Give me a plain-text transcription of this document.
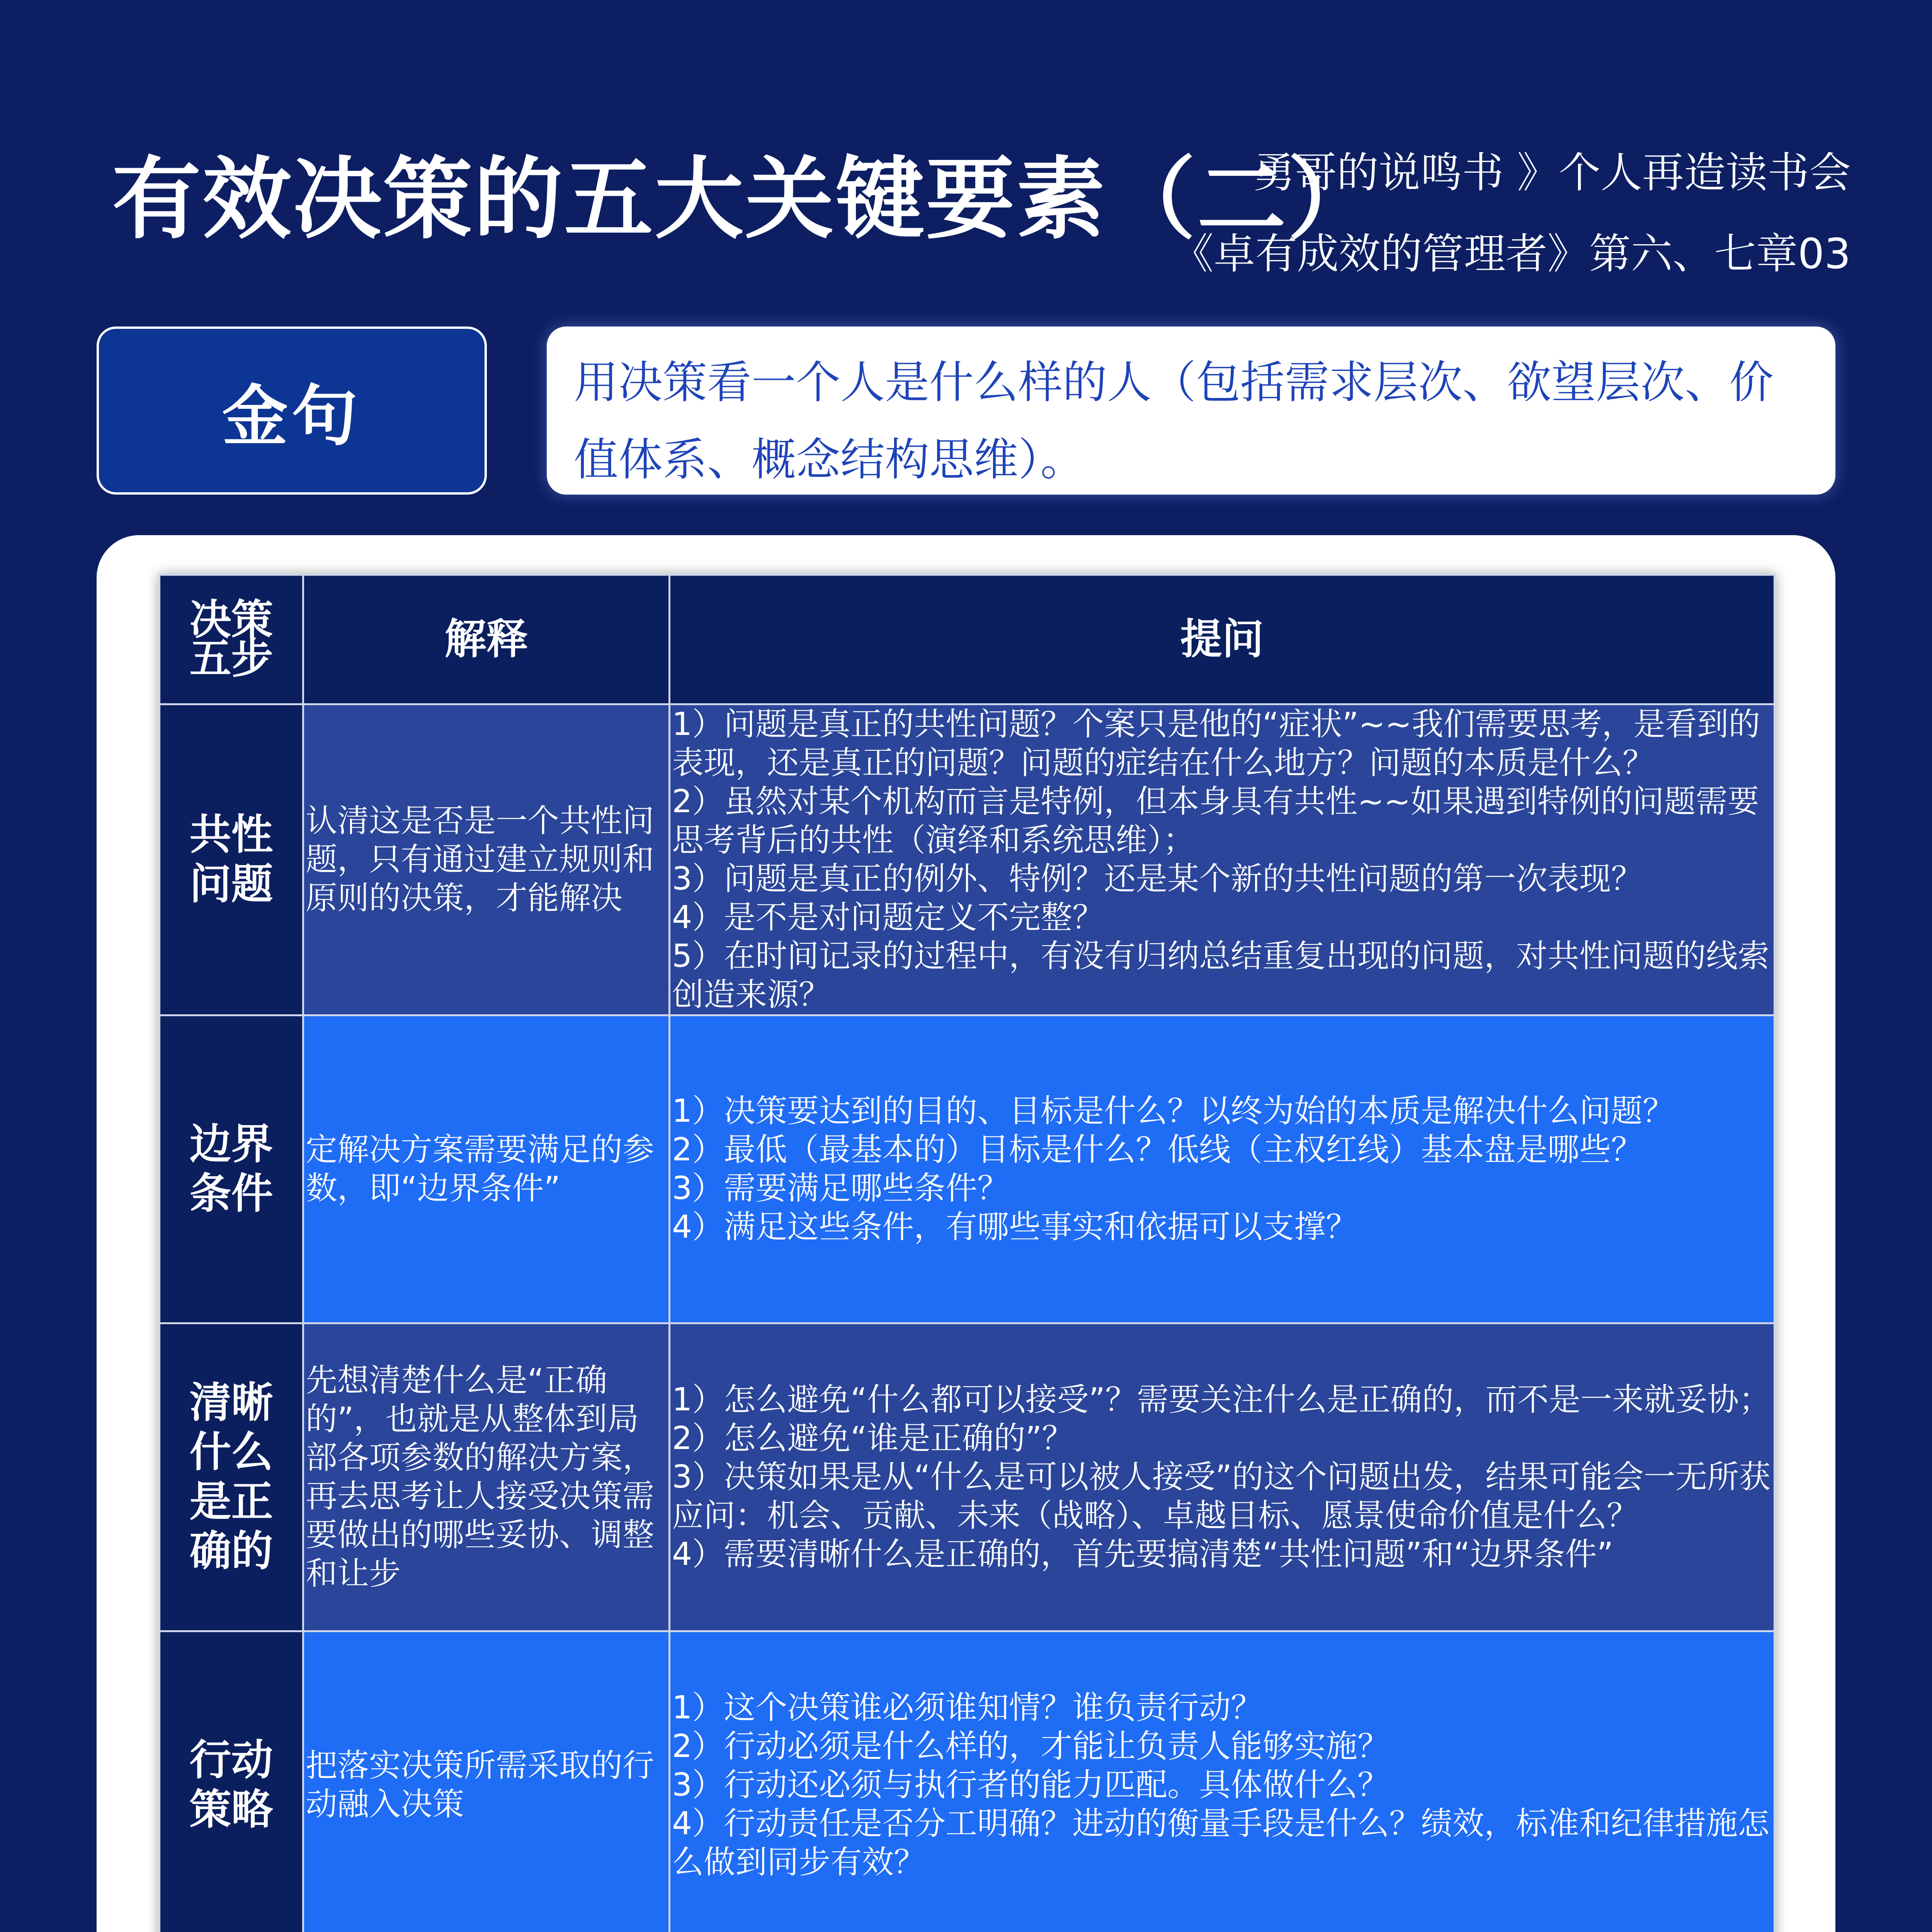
有效决策的五大关键要素（二）
勇哥的说鸣书 》个人再造读书会
《卓有成效的管理者》第六、七章03
金句	用决策看一个人是什么样的人（包括需求层次、欲望层次、价值体系、概念结构思维）。
决策五步	解释	提问
共性问题	认清这是否是一个共性问题，只有通过建立规则和原则的决策，才能解决	1）问题是真正的共性问题？个案只是他的“症状”~~我们需要思考，是看到的表现，还是真正的问题？问题的症结在什么地方？问题的本质是什么？
2）虽然对某个机构而言是特例，但本身具有共性~~如果遇到特例的问题需要思考背后的共性（演绎和系统思维）；
3）问题是真正的例外、特例？还是某个新的共性问题的第一次表现？
4）是不是对问题定义不完整？
5）在时间记录的过程中，有没有归纳总结重复出现的问题，对共性问题的线索创造来源？

边界条件	定解决方案需要满足的参数，即“边界条件”	1）决策要达到的目的、目标是什么？以终为始的本质是解决什么问题？
2）最低（最基本的）目标是什么？低线（主权红线）基本盘是哪些？
3）需要满足哪些条件？
4）满足这些条件，有哪些事实和依据可以支撑？

清晰什么是正确的	先想清楚什么是“正确的”，也就是从整体到局部各项参数的解决方案，再去思考让人接受决策需要做出的哪些妥协、调整和让步	1）怎么避免“什么都可以接受”？需要关注什么是正确的，而不是一来就妥协；
2）怎么避免“谁是正确的”？
3）决策如果是从“什么是可以被人接受”的这个问题出发，结果可能会一无所获应问：机会、贡献、未来（战略）、卓越目标、愿景使命价值是什么？
4）需要清晰什么是正确的，首先要搞清楚“共性问题”和“边界条件”

行动策略	把落实决策所需采取的行动融入决策	1）这个决策谁必须谁知情？谁负责行动？
2）行动必须是什么样的，才能让负责人能够实施？
3）行动还必须与执行者的能力匹配。具体做什么？
4）行动责任是否分工明确？进动的衡量手段是什么？绩效，标准和纪律措施怎么做到同步有效？
